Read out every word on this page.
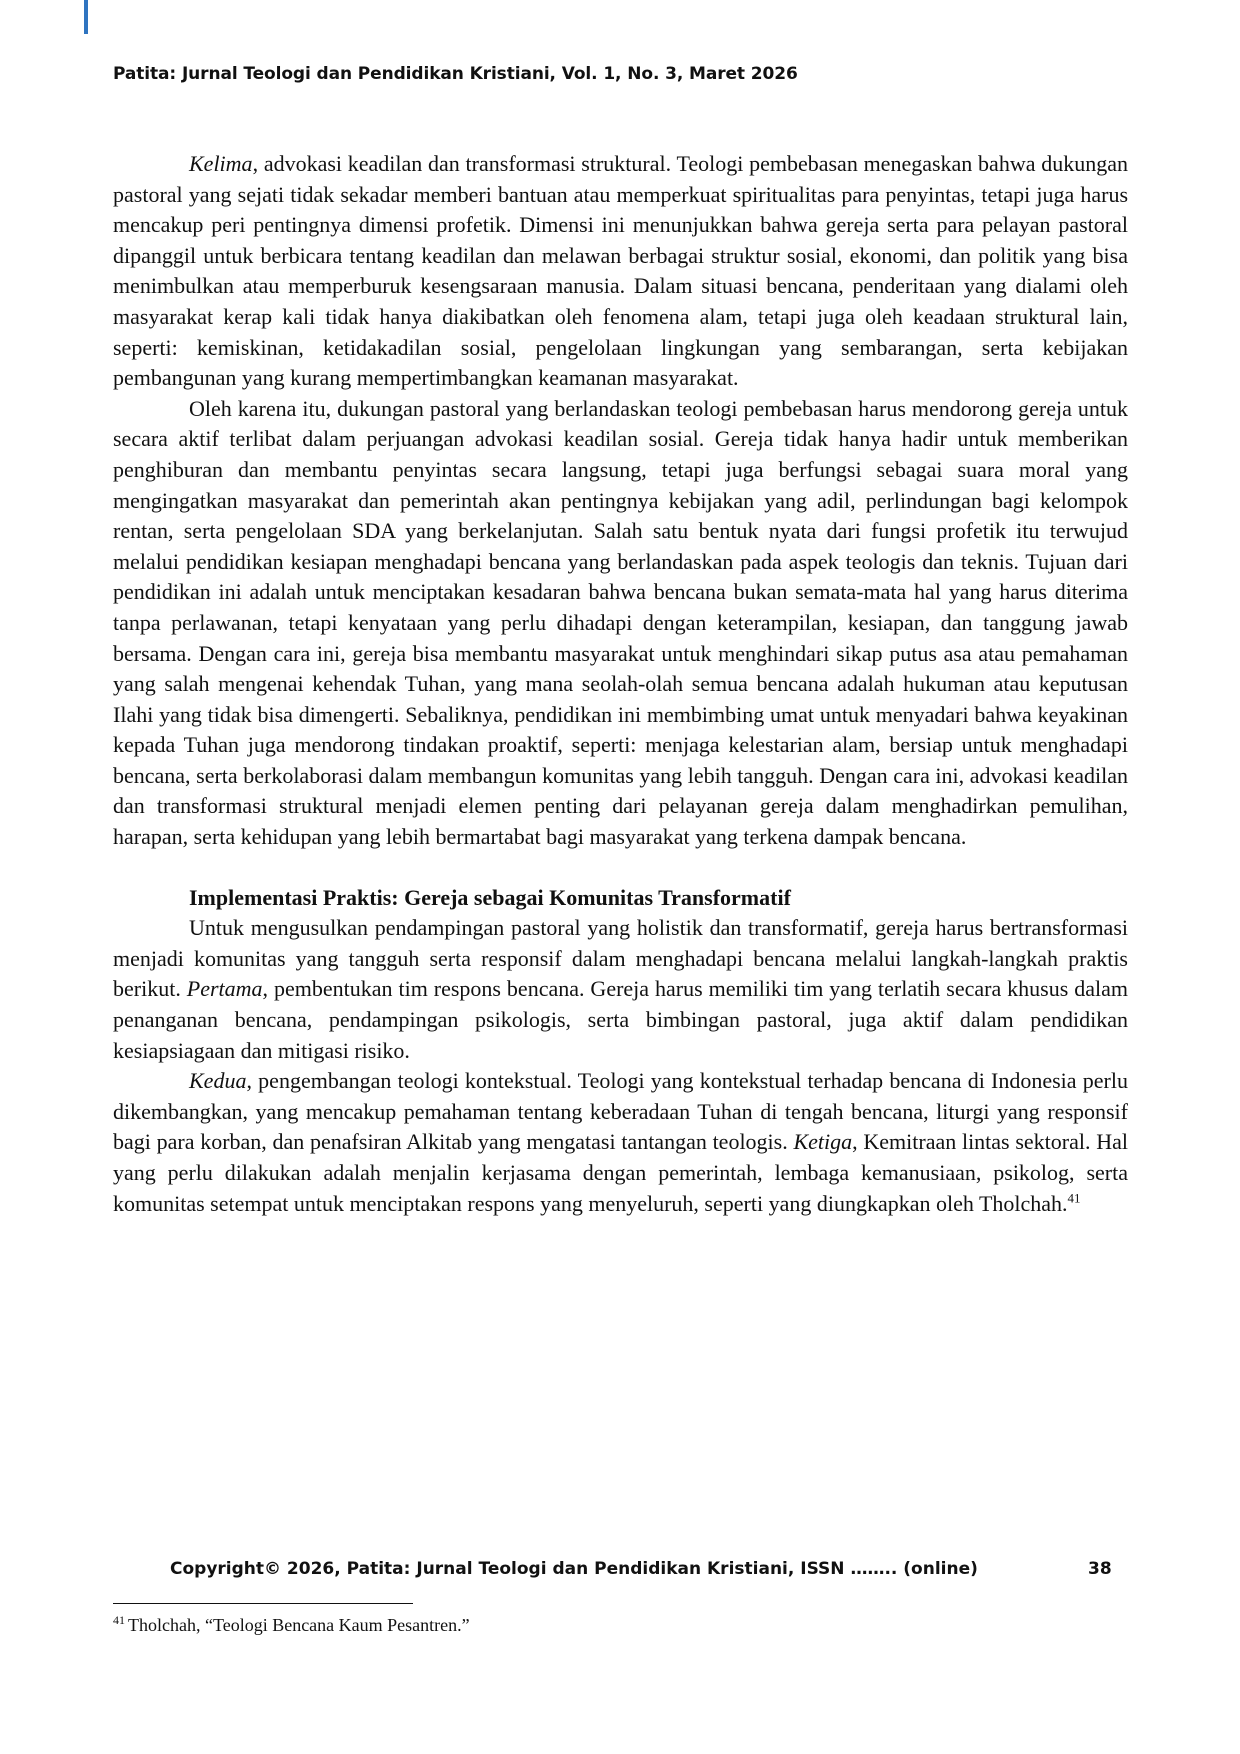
Patita: Jurnal Teologi dan Pendidikan Kristiani, Vol. 1, No. 3, Maret 2026

Kelima, advokasi keadilan dan transformasi struktural. Teologi pembebasan menegaskan bahwa dukungan pastoral yang sejati tidak sekadar memberi bantuan atau memperkuat spiritualitas para penyintas, tetapi juga harus mencakup peri pentingnya dimensi profetik. Dimensi ini menunjukkan bahwa gereja serta para pelayan pastoral dipanggil untuk berbicara tentang keadilan dan melawan berbagai struktur sosial, ekonomi, dan politik yang bisa menimbulkan atau memperburuk kesengsaraan manusia. Dalam situasi bencana, penderitaan yang dialami oleh masyarakat kerap kali tidak hanya diakibatkan oleh fenomena alam, tetapi juga oleh keadaan struktural lain, seperti: kemiskinan, ketidakadilan sosial, pengelolaan lingkungan yang sembarangan, serta kebijakan pembangunan yang kurang mempertimbangkan keamanan masyarakat.

Oleh karena itu, dukungan pastoral yang berlandaskan teologi pembebasan harus mendorong gereja untuk secara aktif terlibat dalam perjuangan advokasi keadilan sosial. Gereja tidak hanya hadir untuk memberikan penghiburan dan membantu penyintas secara langsung, tetapi juga berfungsi sebagai suara moral yang mengingatkan masyarakat dan pemerintah akan pentingnya kebijakan yang adil, perlindungan bagi kelompok rentan, serta pengelolaan SDA yang berkelanjutan. Salah satu bentuk nyata dari fungsi profetik itu terwujud melalui pendidikan kesiapan menghadapi bencana yang berlandaskan pada aspek teologis dan teknis. Tujuan dari pendidikan ini adalah untuk menciptakan kesadaran bahwa bencana bukan semata-mata hal yang harus diterima tanpa perlawanan, tetapi kenyataan yang perlu dihadapi dengan keterampilan, kesiapan, dan tanggung jawab bersama. Dengan cara ini, gereja bisa membantu masyarakat untuk menghindari sikap putus asa atau pemahaman yang salah mengenai kehendak Tuhan, yang mana seolah-olah semua bencana adalah hukuman atau keputusan Ilahi yang tidak bisa dimengerti. Sebaliknya, pendidikan ini membimbing umat untuk menyadari bahwa keyakinan kepada Tuhan juga mendorong tindakan proaktif, seperti: menjaga kelestarian alam, bersiap untuk menghadapi bencana, serta berkolaborasi dalam membangun komunitas yang lebih tangguh. Dengan cara ini, advokasi keadilan dan transformasi struktural menjadi elemen penting dari pelayanan gereja dalam menghadirkan pemulihan, harapan, serta kehidupan yang lebih bermartabat bagi masyarakat yang terkena dampak bencana.

Implementasi Praktis: Gereja sebagai Komunitas Transformatif

Untuk mengusulkan pendampingan pastoral yang holistik dan transformatif, gereja harus bertransformasi menjadi komunitas yang tangguh serta responsif dalam menghadapi bencana melalui langkah-langkah praktis berikut. Pertama, pembentukan tim respons bencana. Gereja harus memiliki tim yang terlatih secara khusus dalam penanganan bencana, pendampingan psikologis, serta bimbingan pastoral, juga aktif dalam pendidikan kesiapsiagaan dan mitigasi risiko.

Kedua, pengembangan teologi kontekstual. Teologi yang kontekstual terhadap bencana di Indonesia perlu dikembangkan, yang mencakup pemahaman tentang keberadaan Tuhan di tengah bencana, liturgi yang responsif bagi para korban, dan penafsiran Alkitab yang mengatasi tantangan teologis. Ketiga, Kemitraan lintas sektoral. Hal yang perlu dilakukan adalah menjalin kerjasama dengan pemerintah, lembaga kemanusiaan, psikolog, serta komunitas setempat untuk menciptakan respons yang menyeluruh, seperti yang diungkapkan oleh Tholchah.$^{41}$

Copyright© 2026, Patita: Jurnal Teologi dan Pendidikan Kristiani, ISSN …….. (online)	38
$^{41}$ Tholchah, “Teologi Bencana Kaum Pesantren.”
